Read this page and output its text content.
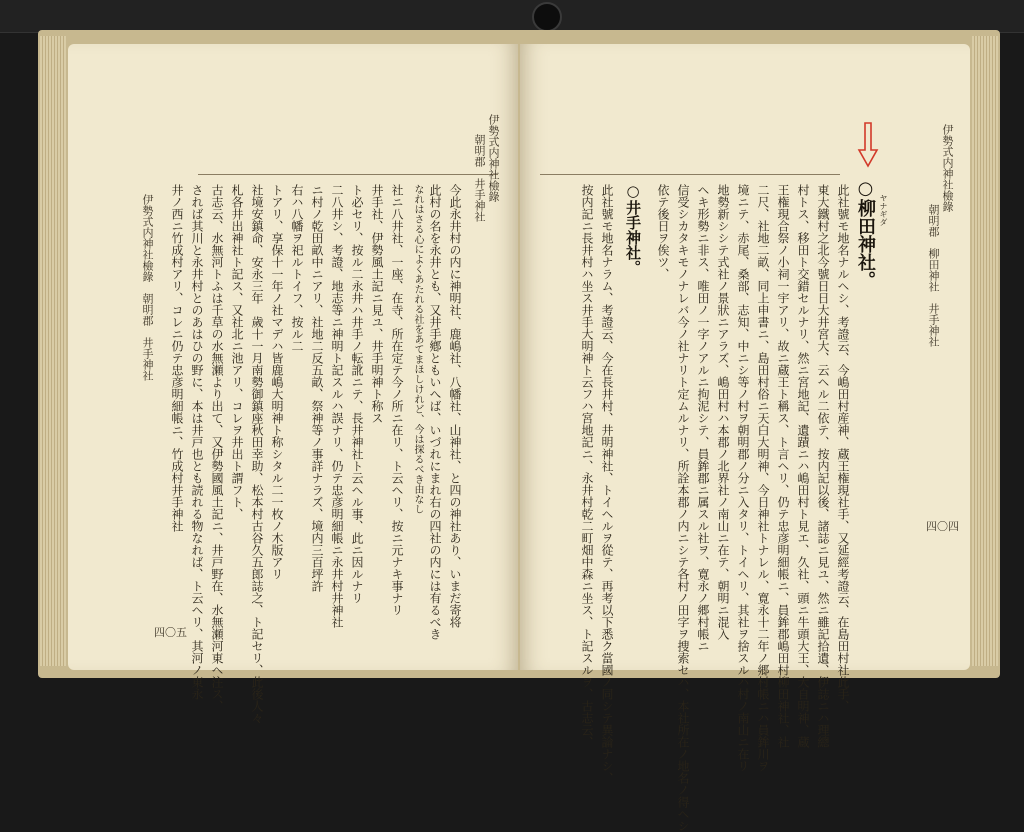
伊勢式内神社檢錄
朝明郡　井手神社
今此永井村の内に神明社、鹿嶋社、八幡社、山神社、と四の神社あり、いまだ寄将
此村の名を永井とも、又井手鄕ともいへば、いづれにまれ右の四社の内には有るべき
なれはさる心によくあたれる社をあてまほしけれど、今は探るべき由なし
社ニ八井社、一座、在寺、所在定テ今ノ所ニ在リ、ト云ヘリ、按ニ元ナキ事ナリ
井手社、伊勢風土記ニ見ユ、井手明神ト称ス
ト必セリ、按ル二永井ハ井手ノ転訛ニテ、長井神社ト云ヘル事、此ニ因ルナリ
二八井シ、考證、地志等ニ神明ト記スルハ誤ナリ、仍テ忠彦明細帳ニ永井村井神社
ニ村ノ乾田畝中ニアリ、社地二反五畝、祭神等ノ事詳ナラズ、境内三百坪許
右ハ八幡ヲ祀ルトイフ、按ル二
トアリ、享保十一年ノ社マデハ皆鹿嶋大明神ト称シタル二一枚ノ木版アリ
社境安鎮命、安永三年　歲十一月南勢御鎮座秋田幸助、松本村古谷久五郎誌之、ト記セリ、此後人々
札各井出神社ト記ス、又社北ニ池アリ、コレヲ井出ト謂フト、
古志云、水無河トふは千草の水無瀬より出て、又伊勢國風土記ニ、井戸野在、水無瀬河東ヘ注ス、
されば其川と永井村とのあはひの野に、本は井戸也とも読れる物なれば、ト云ヘリ、其河ノ東永
井ノ西ニ竹成村アリ、コレニ仍テ忠彦明細帳ニ、竹成村井手神社
伊勢式内神社檢錄　朝明郡　井手神社
四〇五
伊勢式内神社檢錄
朝明郡　柳田神社　井手神社
○柳田神社。 ヤナギダ
此社號モ地名ナルヘシ、考證云、今嶋田村産神、蔵王権現社手、又延經考證云、在島田村社此手、
東大鐵村之北今號日日大井宮大、云ヘル二依テ、按内記以後、諸誌ニ見ユ、然ニ雖記拾遺、伊誌ニハ理總
村トス、移田ト交錯セルナリ、然ニ宮地記、遺蹟ニハ嶋田村ト見エ、久社、頭ニ牛頭大王、大自明神、蔵
王権現合祭ノ小祠一宇アリ、故ニ蔵王ト稱ス、ト言ヘリ、仍テ忠彦明細帳ニ、員鉾郡嶋田村柳田神社、社
二尺、社地二畝、同上申書ニ、島田村俗ニ天白大明神、今日神社トナレル、寛永十二年ノ郷村帳ニハ員鉾川ヲ
境ニテ、赤尾、桑部、志知、中ニシ等ノ村ヲ朝明郡ノ分ニ入タリ、トイヘリ、其社ヲ捨スルハ村ノ南山ニ在リ
地勢新シシテ式社ノ景狀ニアラズ、嶋田村ハ本郡ノ北界社ノ南山ニ在テ、朝明ニ混入
ヘキ形勢ニ非ス、唯田ノ一字ノアルニ拘泥シテ、員鉾郡ニ属スル社ヲ、寛永ノ郷村帳ニ
信受シカタキモノナレバ今ノ社ナリト定ムルナリ、所詮本郡ノ内ニシテ各村ノ田字ヲ捜索セハ、本社所在ノ地名ノ得ヘシ
依テ後日ヲ俟ツ、
○井手神社。
此社號モ地名ナラム、考證云、今在長井村、井明神社、トイヘルヲ從テ、再考以下悉ク當國ノ同シテ異論ナシ、
按内記ニ長井村ハ坐ス井手大明神ト云フハ宮地記ニ、永井村乾二町畑中森ニ坐ス、ト記スルヲ、古志云、	四〇四
